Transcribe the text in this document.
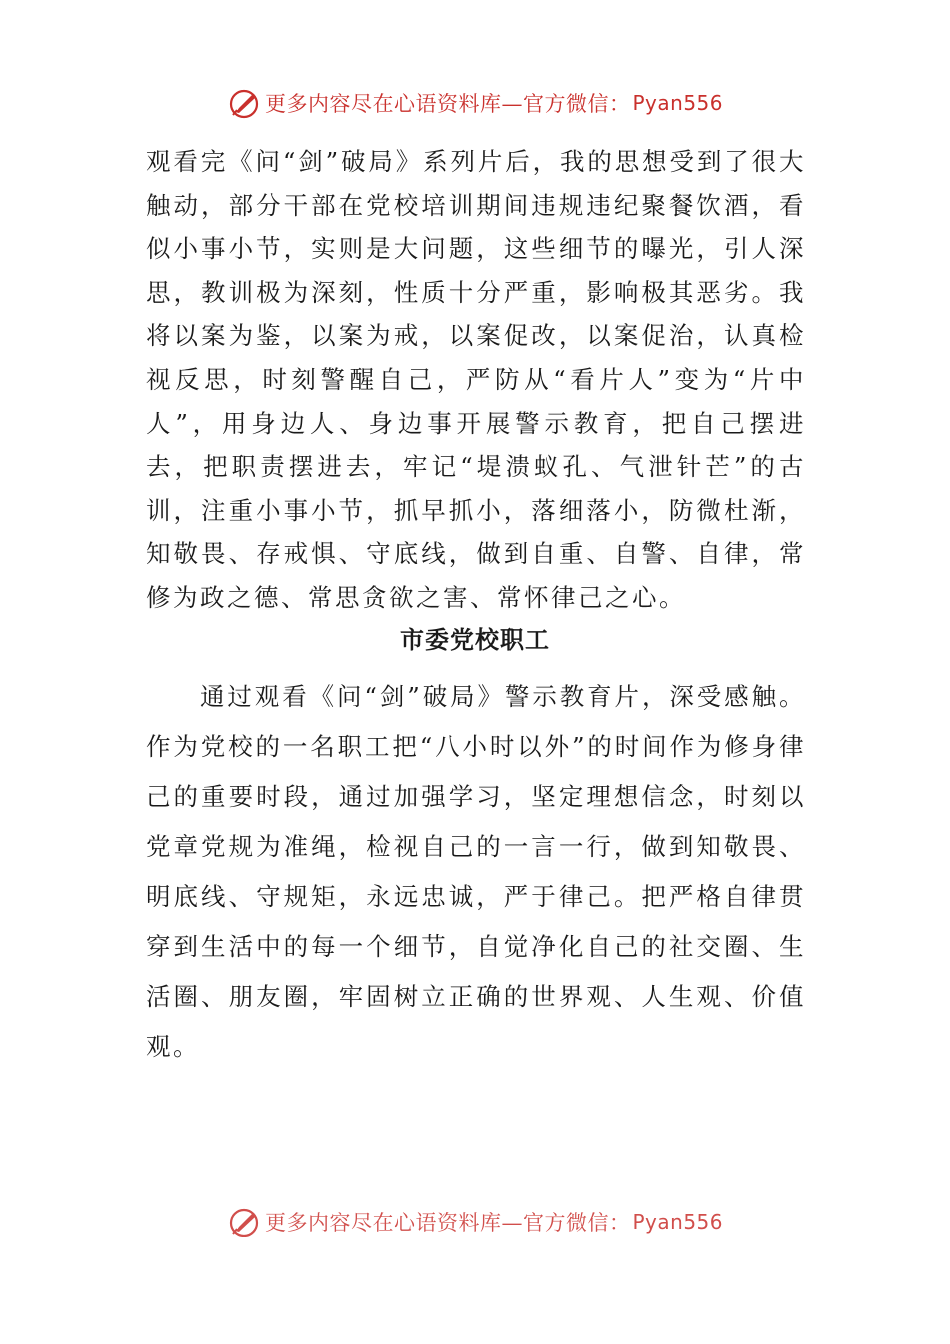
更多内容尽在心语资料库—官方微信： Pyan556

观看完《问“剑”破局》系列片后，我的思想受到了很大触动，部分干部在党校培训期间违规违纪聚餐饮酒，看似小事小节，实则是大问题，这些细节的曝光，引人深思，教训极为深刻，性质十分严重，影响极其恶劣。我将以案为鉴，以案为戒，以案促改，以案促治，认真检视反思，时刻警醒自己，严防从“看片人”变为“片中人”，用身边人、身边事开展警示教育，把自己摆进去，把职责摆进去，牢记“堤溃蚁孔、气泄针芒”的古训，注重小事小节，抓早抓小，落细落小，防微杜渐，知敬畏、存戒惧、守底线，做到自重、自警、自律，常修为政之德、常思贪欲之害、常怀律己之心。

市委党校职工

通过观看《问“剑”破局》警示教育片，深受感触。作为党校的一名职工把“八小时以外”的时间作为修身律己的重要时段，通过加强学习，坚定理想信念，时刻以党章党规为准绳，检视自己的一言一行，做到知敬畏、明底线、守规矩，永远忠诚，严于律己。把严格自律贯穿到生活中的每一个细节，自觉净化自己的社交圈、生活圈、朋友圈，牢固树立正确的世界观、人生观、价值观。

更多内容尽在心语资料库—官方微信： Pyan556
